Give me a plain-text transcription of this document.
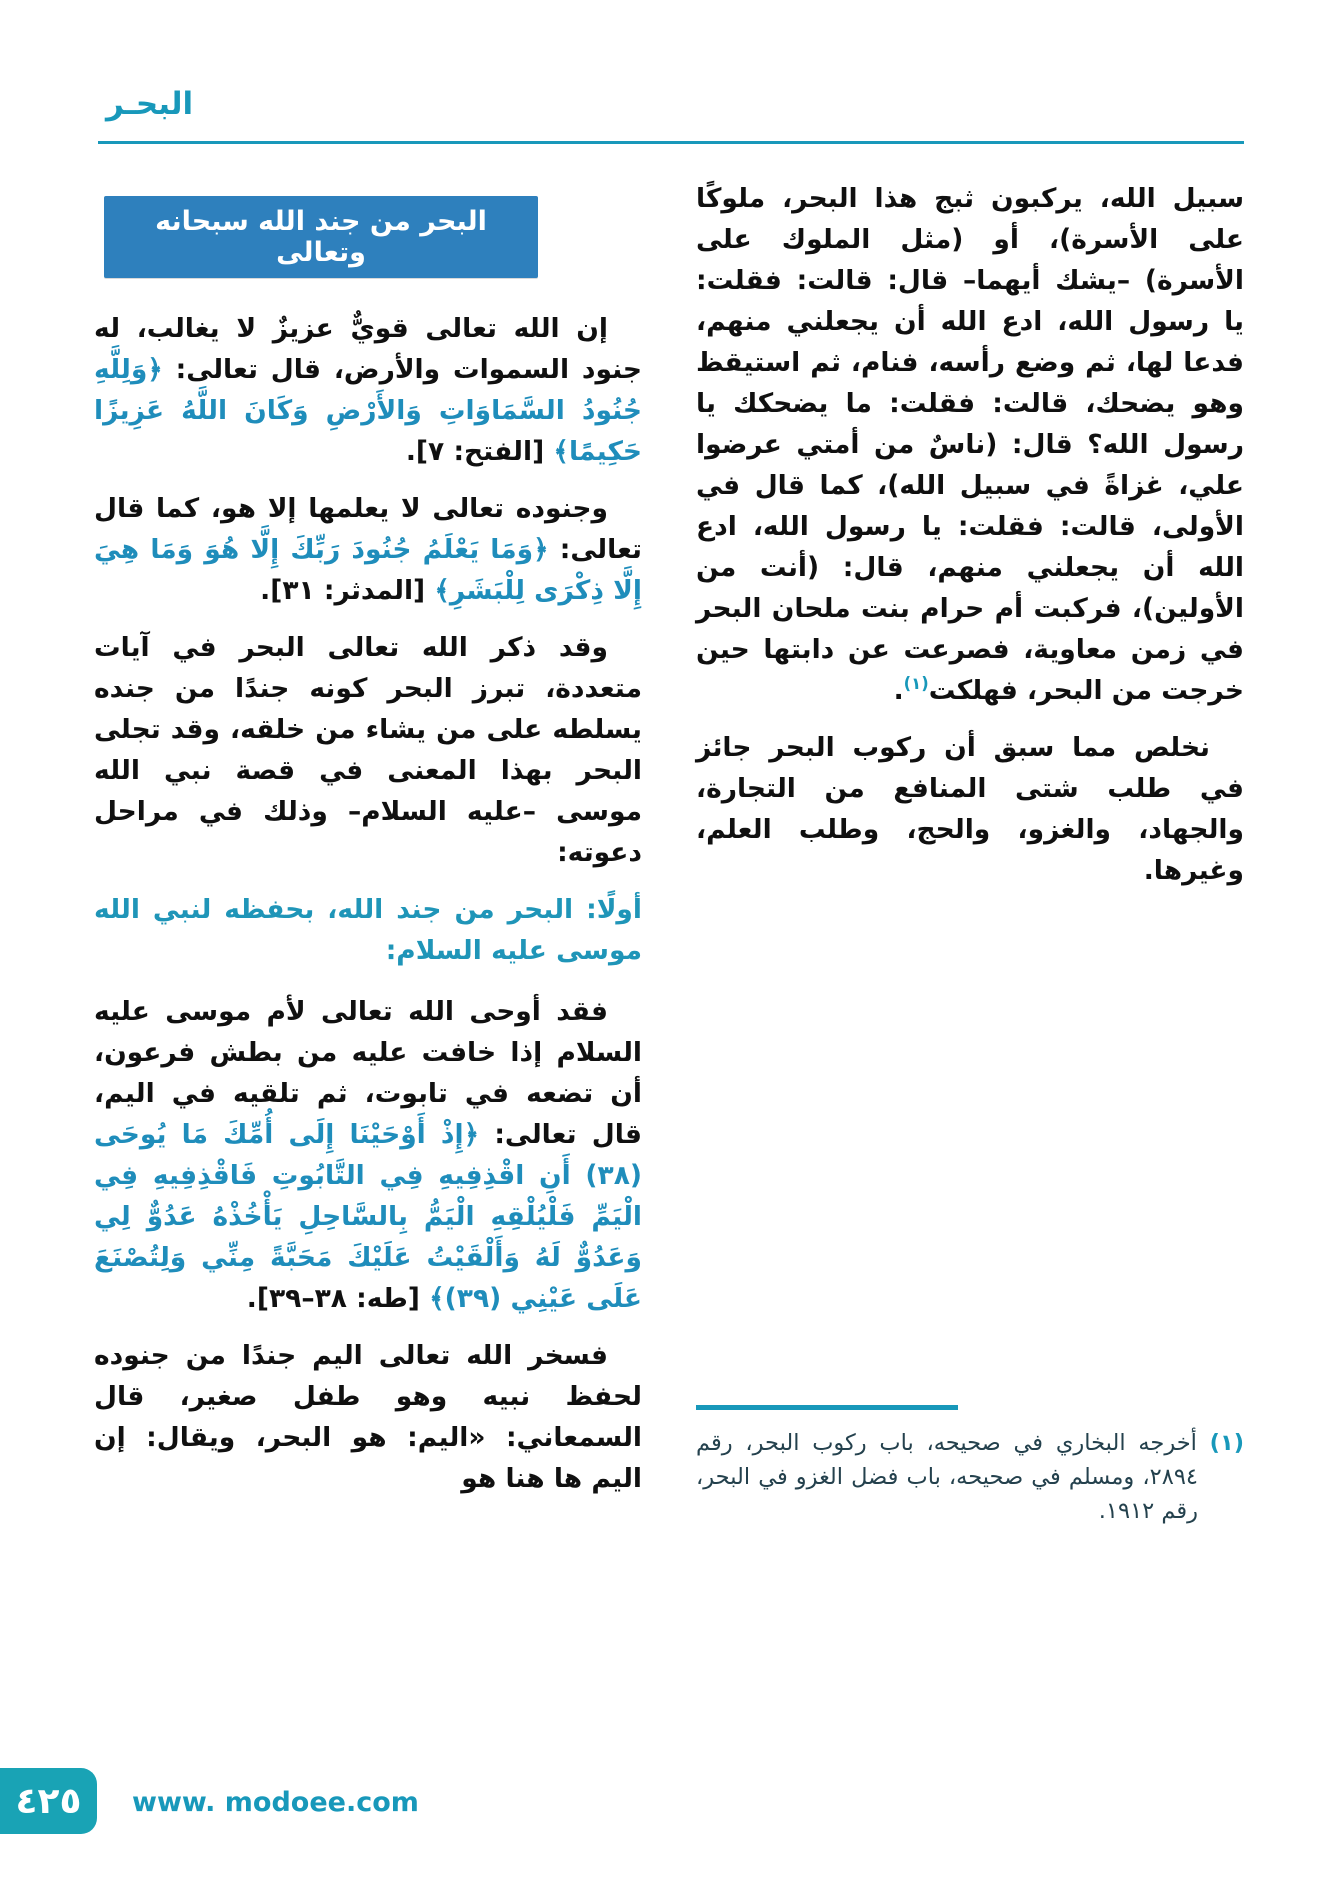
البحـر

سبيل الله، يركبون ثبج هذا البحر، ملوكًا على الأسرة)، أو (مثل الملوك على الأسرة) –يشك أيهما– قال: قالت: فقلت: يا رسول الله، ادع الله أن يجعلني منهم، فدعا لها، ثم وضع رأسه، فنام، ثم استيقظ وهو يضحك، قالت: فقلت: ما يضحكك يا رسول الله؟ قال: (ناسٌ من أمتي عرضوا علي، غزاةً في سبيل الله)، كما قال في الأولى، قالت: فقلت: يا رسول الله، ادع الله أن يجعلني منهم، قال: (أنت من الأولين)، فركبت أم حرام بنت ملحان البحر في زمن معاوية، فصرعت عن دابتها حين خرجت من البحر، فهلكت$^{(١)}$.

نخلص مما سبق أن ركوب البحر جائز في طلب شتى المنافع من التجارة، والجهاد، والغزو، والحج، وطلب العلم، وغيرها.

(١) أخرجه البخاري في صحيحه، باب ركوب البحر، رقم ٢٨٩٤، ومسلم في صحيحه، باب فضل الغزو في البحر، رقم ١٩١٢.

البحر من جند الله سبحانه وتعالى

إن الله تعالى قويٌّ عزيزٌ لا يغالب، له جنود السموات والأرض، قال تعالى: ﴿وَلِلَّهِ جُنُودُ السَّمَاوَاتِ وَالأَرْضِ وَكَانَ اللَّهُ عَزِيزًا حَكِيمًا﴾ [الفتح: ٧].

وجنوده تعالى لا يعلمها إلا هو، كما قال تعالى: ﴿وَمَا يَعْلَمُ جُنُودَ رَبِّكَ إِلَّا هُوَ وَمَا هِيَ إِلَّا ذِكْرَى لِلْبَشَرِ﴾ [المدثر: ٣١].

وقد ذكر الله تعالى البحر في آيات متعددة، تبرز البحر كونه جندًا من جنده يسلطه على من يشاء من خلقه، وقد تجلى البحر بهذا المعنى في قصة نبي الله موسى –عليه السلام– وذلك في مراحل دعوته:

أولًا: البحر من جند الله، بحفظه لنبي الله موسى عليه السلام:

فقد أوحى الله تعالى لأم موسى عليه السلام إذا خافت عليه من بطش فرعون، أن تضعه في تابوت، ثم تلقيه في اليم، قال تعالى: ﴿إِذْ أَوْحَيْنَا إِلَى أُمِّكَ مَا يُوحَى (٣٨) أَنِ اقْذِفِيهِ فِي التَّابُوتِ فَاقْذِفِيهِ فِي الْيَمِّ فَلْيُلْقِهِ الْيَمُّ بِالسَّاحِلِ يَأْخُذْهُ عَدُوٌّ لِي وَعَدُوٌّ لَهُ وَأَلْقَيْتُ عَلَيْكَ مَحَبَّةً مِنِّي وَلِتُصْنَعَ عَلَى عَيْنِي (٣٩)﴾ [طه: ٣٨–٣٩].

فسخر الله تعالى اليم جندًا من جنوده لحفظ نبيه وهو طفل صغير، قال السمعاني: «اليم: هو البحر، ويقال: إن اليم ها هنا هو

٤٢٥ www. modoee.com
